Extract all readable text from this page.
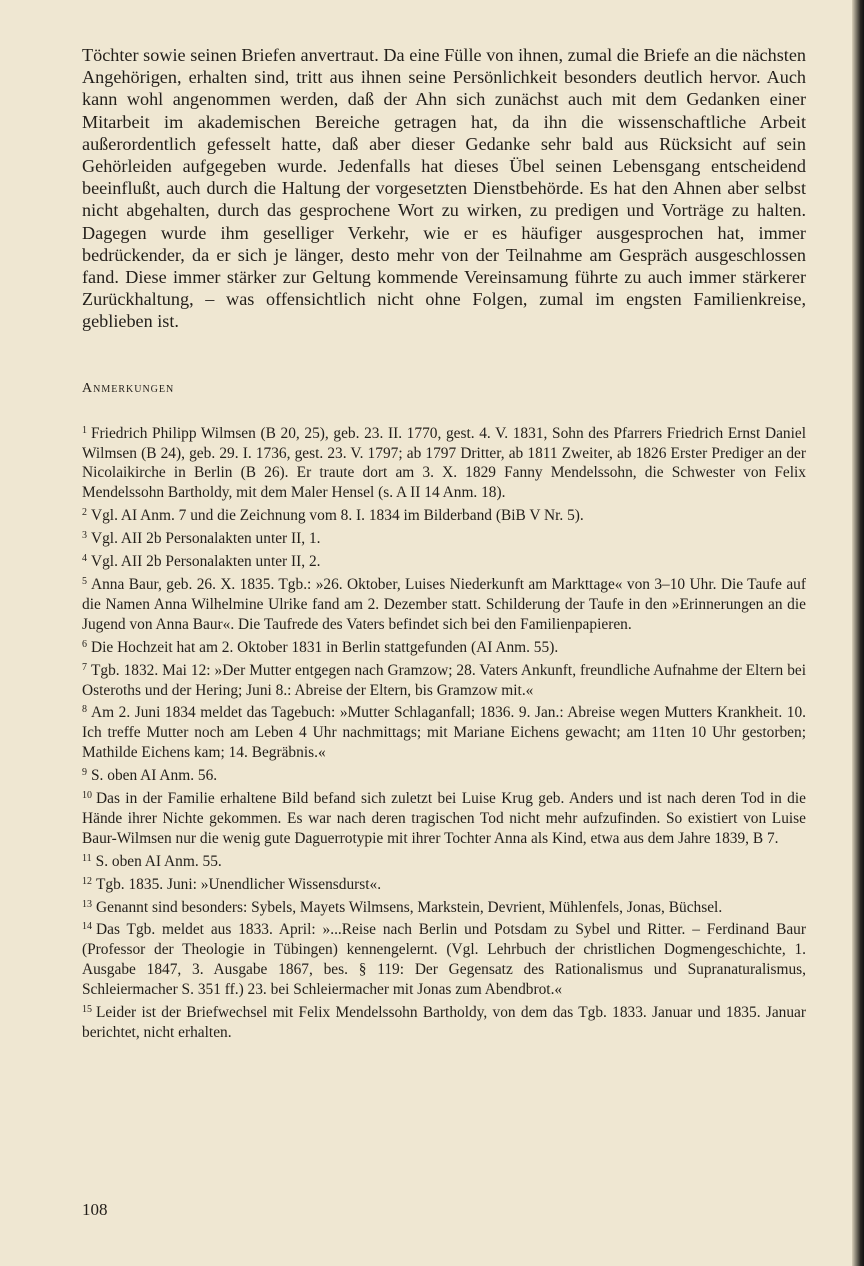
Töchter sowie seinen Briefen anvertraut. Da eine Fülle von ihnen, zumal die Briefe an die nächsten Angehörigen, erhalten sind, tritt aus ihnen seine Persönlichkeit besonders deutlich hervor. Auch kann wohl angenommen werden, daß der Ahn sich zunächst auch mit dem Gedanken einer Mitarbeit im akademischen Bereiche getragen hat, da ihn die wissenschaftliche Arbeit außerordentlich gefesselt hatte, daß aber dieser Gedanke sehr bald aus Rücksicht auf sein Gehörleiden aufgegeben wurde. Jedenfalls hat dieses Übel seinen Lebensgang entscheidend beeinflußt, auch durch die Haltung der vorgesetzten Dienstbehörde. Es hat den Ahnen aber selbst nicht abgehalten, durch das gesprochene Wort zu wirken, zu predigen und Vorträge zu halten. Dagegen wurde ihm geselliger Verkehr, wie er es häufiger ausgesprochen hat, immer bedrückender, da er sich je länger, desto mehr von der Teilnahme am Gespräch ausgeschlossen fand. Diese immer stärker zur Geltung kommende Vereinsamung führte zu auch immer stärkerer Zurückhaltung, – was offensichtlich nicht ohne Folgen, zumal im engsten Familienkreise, geblieben ist.

Anmerkungen

$^1$ Friedrich Philipp Wilmsen (B 20, 25), geb. 23. II. 1770, gest. 4. V. 1831, Sohn des Pfarrers Friedrich Ernst Daniel Wilmsen (B 24), geb. 29. I. 1736, gest. 23. V. 1797; ab 1797 Dritter, ab 1811 Zweiter, ab 1826 Erster Prediger an der Nicolaikirche in Berlin (B 26). Er traute dort am 3. X. 1829 Fanny Mendelssohn, die Schwester von Felix Mendelssohn Bartholdy, mit dem Maler Hensel (s. A II 14 Anm. 18).

$^2$ Vgl. AI Anm. 7 und die Zeichnung vom 8. I. 1834 im Bilderband (BiB V Nr. 5).

$^3$ Vgl. AII 2b Personalakten unter II, 1.

$^4$ Vgl. AII 2b Personalakten unter II, 2.

$^5$ Anna Baur, geb. 26. X. 1835. Tgb.: »26. Oktober, Luises Niederkunft am Markttage« von 3–10 Uhr. Die Taufe auf die Namen Anna Wilhelmine Ulrike fand am 2. Dezember statt. Schilderung der Taufe in den »Erinnerungen an die Jugend von Anna Baur«. Die Taufrede des Vaters befindet sich bei den Familienpapieren.

$^6$ Die Hochzeit hat am 2. Oktober 1831 in Berlin stattgefunden (AI Anm. 55).

$^7$ Tgb. 1832. Mai 12: »Der Mutter entgegen nach Gramzow; 28. Vaters Ankunft, freundliche Aufnahme der Eltern bei Osteroths und der Hering; Juni 8.: Abreise der Eltern, bis Gramzow mit.«

$^8$ Am 2. Juni 1834 meldet das Tagebuch: »Mutter Schlaganfall; 1836. 9. Jan.: Abreise wegen Mutters Krankheit. 10. Ich treffe Mutter noch am Leben 4 Uhr nachmittags; mit Mariane Eichens gewacht; am 11ten 10 Uhr gestorben; Mathilde Eichens kam; 14. Begräbnis.«

$^9$ S. oben AI Anm. 56.

$^{10}$ Das in der Familie erhaltene Bild befand sich zuletzt bei Luise Krug geb. Anders und ist nach deren Tod in die Hände ihrer Nichte gekommen. Es war nach deren tragischen Tod nicht mehr aufzufinden. So existiert von Luise Baur-Wilmsen nur die wenig gute Daguerrotypie mit ihrer Tochter Anna als Kind, etwa aus dem Jahre 1839, B 7.

$^{11}$ S. oben AI Anm. 55.

$^{12}$ Tgb. 1835. Juni: »Unendlicher Wissensdurst«.

$^{13}$ Genannt sind besonders: Sybels, Mayets Wilmsens, Markstein, Devrient, Mühlenfels, Jonas, Büchsel.

$^{14}$ Das Tgb. meldet aus 1833. April: »...Reise nach Berlin und Potsdam zu Sybel und Ritter. – Ferdinand Baur (Professor der Theologie in Tübingen) kennengelernt. (Vgl. Lehrbuch der christlichen Dogmengeschichte, 1. Ausgabe 1847, 3. Ausgabe 1867, bes. § 119: Der Gegensatz des Rationalismus und Supranaturalismus, Schleiermacher S. 351 ff.) 23. bei Schleiermacher mit Jonas zum Abendbrot.«

$^{15}$ Leider ist der Briefwechsel mit Felix Mendelssohn Bartholdy, von dem das Tgb. 1833. Januar und 1835. Januar berichtet, nicht erhalten.

108
